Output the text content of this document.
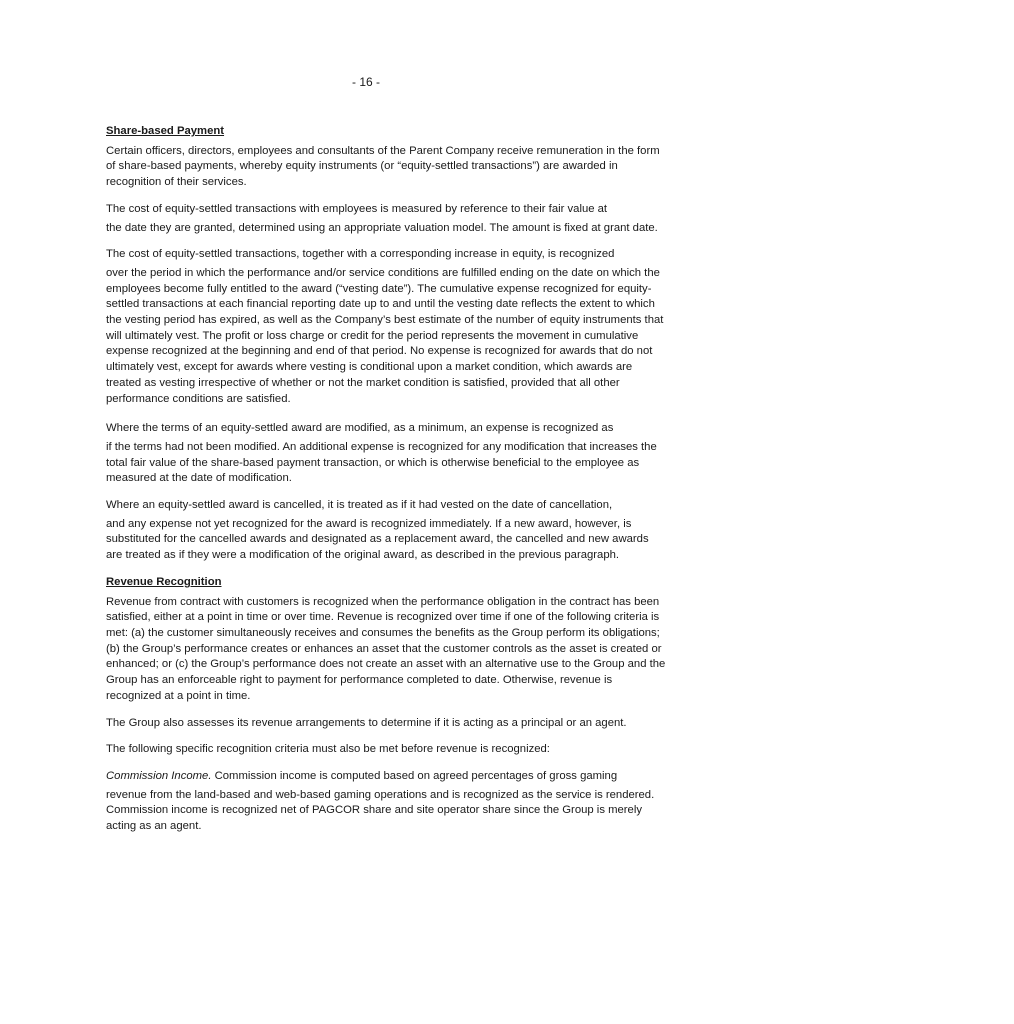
- 16 -
Share-based Payment
Certain officers, directors, employees and consultants of the Parent Company receive remuneration in the form of share-based payments, whereby equity instruments (or “equity-settled transactions”) are awarded in recognition of their services.
The cost of equity-settled transactions with employees is measured by reference to their fair value at
the date they are granted, determined using an appropriate valuation model. The amount is fixed at grant date.
The cost of equity-settled transactions, together with a corresponding increase in equity, is recognized
over the period in which the performance and/or service conditions are fulfilled ending on the date on which the employees become fully entitled to the award (“vesting date”). The cumulative expense recognized for equity-settled transactions at each financial reporting date up to and until the vesting date reflects the extent to which the vesting period has expired, as well as the Company’s best estimate of the number of equity instruments that will ultimately vest. The profit or loss charge or credit for the period represents the movement in cumulative expense recognized at the beginning and end of that period. No expense is recognized for awards that do not ultimately vest, except for awards where vesting is conditional upon a market condition, which awards are treated as vesting irrespective of whether or not the market condition is satisfied, provided that all other performance conditions are satisfied.
Where the terms of an equity-settled award are modified, as a minimum, an expense is recognized as
if the terms had not been modified. An additional expense is recognized for any modification that increases the total fair value of the share-based payment transaction, or which is otherwise beneficial to the employee as measured at the date of modification.
Where an equity-settled award is cancelled, it is treated as if it had vested on the date of cancellation,
and any expense not yet recognized for the award is recognized immediately. If a new award, however, is substituted for the cancelled awards and designated as a replacement award, the cancelled and new awards are treated as if they were a modification of the original award, as described in the previous paragraph.
Revenue Recognition
Revenue from contract with customers is recognized when the performance obligation in the contract has been satisfied, either at a point in time or over time. Revenue is recognized over time if one of the following criteria is met: (a) the customer simultaneously receives and consumes the benefits as the Group perform its obligations; (b) the Group’s performance creates or enhances an asset that the customer controls as the asset is created or enhanced; or (c) the Group’s performance does not create an asset with an alternative use to the Group and the Group has an enforceable right to payment for performance completed to date. Otherwise, revenue is recognized at a point in time.
The Group also assesses its revenue arrangements to determine if it is acting as a principal or an agent.
The following specific recognition criteria must also be met before revenue is recognized:
Commission Income. Commission income is computed based on agreed percentages of gross gaming
revenue from the land-based and web-based gaming operations and is recognized as the service is rendered. Commission income is recognized net of PAGCOR share and site operator share since the Group is merely acting as an agent.
